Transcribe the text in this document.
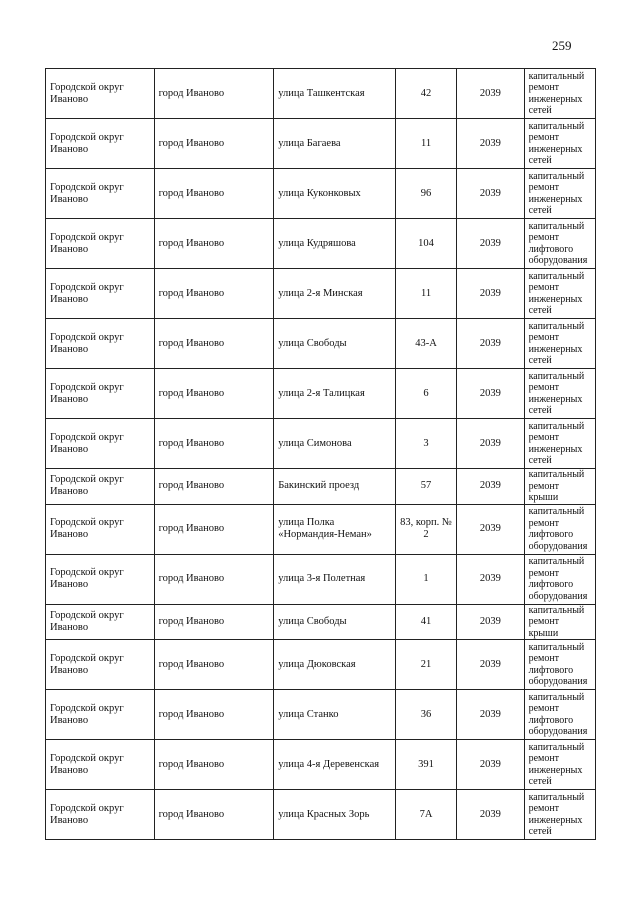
259
Городской округ Иваново	город Иваново	улица Ташкентская	42	2039	капитальный ремонт инженерных сетей
Городской округ Иваново	город Иваново	улица Багаева	11	2039	капитальный ремонт инженерных сетей
Городской округ Иваново	город Иваново	улица Куконковых	96	2039	капитальный ремонт инженерных сетей
Городской округ Иваново	город Иваново	улица Кудряшова	104	2039	капитальный ремонт лифтового оборудования
Городской округ Иваново	город Иваново	улица 2-я Минская	11	2039	капитальный ремонт инженерных сетей
Городской округ Иваново	город Иваново	улица Свободы	43-А	2039	капитальный ремонт инженерных сетей
Городской округ Иваново	город Иваново	улица 2-я Талицкая	6	2039	капитальный ремонт инженерных сетей
Городской округ Иваново	город Иваново	улица Симонова	3	2039	капитальный ремонт инженерных сетей
Городской округ Иваново	город Иваново	Бакинский проезд	57	2039	капитальный ремонт крыши
Городской округ Иваново	город Иваново	улица Полка «Нормандия-Неман»	83, корп. № 2	2039	капитальный ремонт лифтового оборудования
Городской округ Иваново	город Иваново	улица 3-я Полетная	1	2039	капитальный ремонт лифтового оборудования
Городской округ Иваново	город Иваново	улица Свободы	41	2039	капитальный ремонт крыши
Городской округ Иваново	город Иваново	улица Дюковская	21	2039	капитальный ремонт лифтового оборудования
Городской округ Иваново	город Иваново	улица Станко	36	2039	капитальный ремонт лифтового оборудования
Городской округ Иваново	город Иваново	улица 4-я Деревенская	391	2039	капитальный ремонт инженерных сетей
Городской округ Иваново	город Иваново	улица Красных Зорь	7А	2039	капитальный ремонт инженерных сетей
